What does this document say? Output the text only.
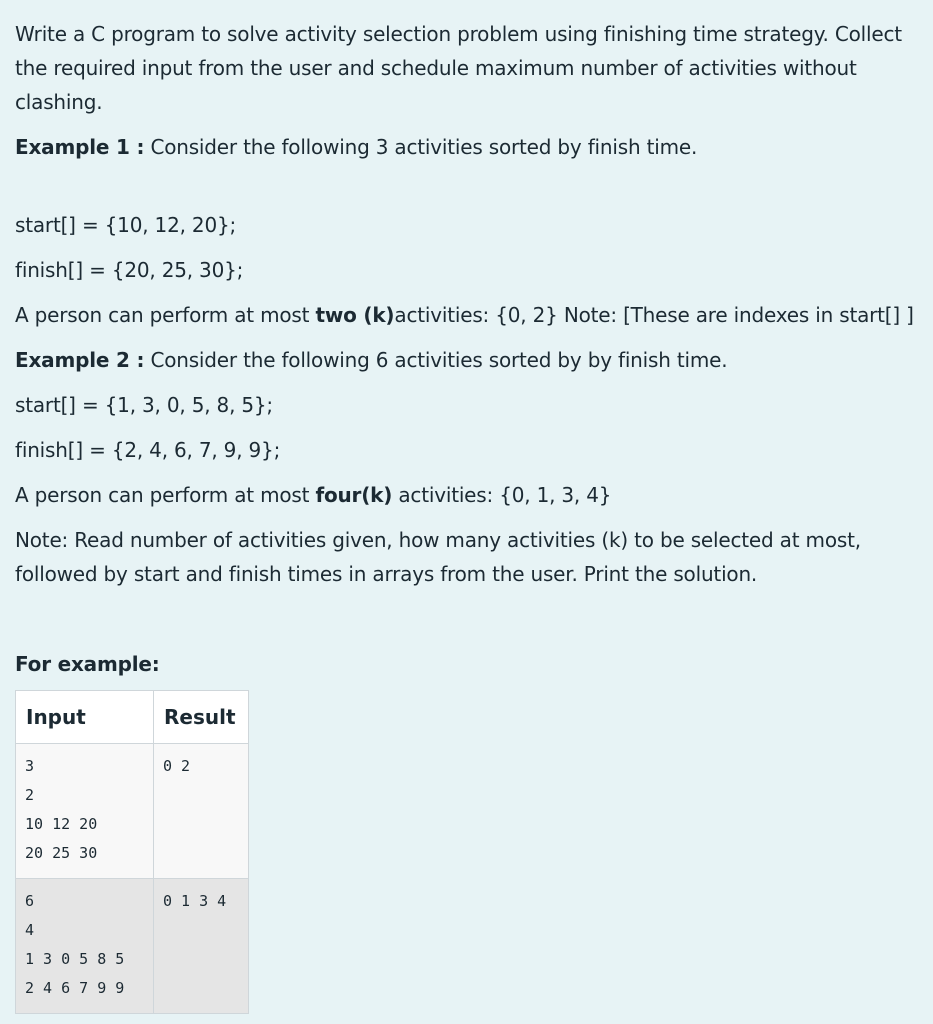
Write a C program to solve activity selection problem using finishing time strategy. Collect the required input from the user and schedule maximum number of activities without clashing.
Example 1 : Consider the following 3 activities sorted by finish time.
start[] = {10, 12, 20};
finish[] = {20, 25, 30};
A person can perform at most two (k)activities: {0, 2} Note: [These are indexes in start[] ]
Example 2 : Consider the following 6 activities sorted by by finish time.
start[] = {1, 3, 0, 5, 8, 5};
finish[] = {2, 4, 6, 7, 9, 9};
A person can perform at most four(k) activities: {0, 1, 3, 4}
Note: Read number of activities given, how many activities (k) to be selected at most, followed by start and finish times in arrays from the user. Print the solution.
For example:
Input	Result

3
2
10 12 20
20 25 30	0 2

6
4
1 3 0 5 8 5
2 4 6 7 9 9	0 1 3 4
